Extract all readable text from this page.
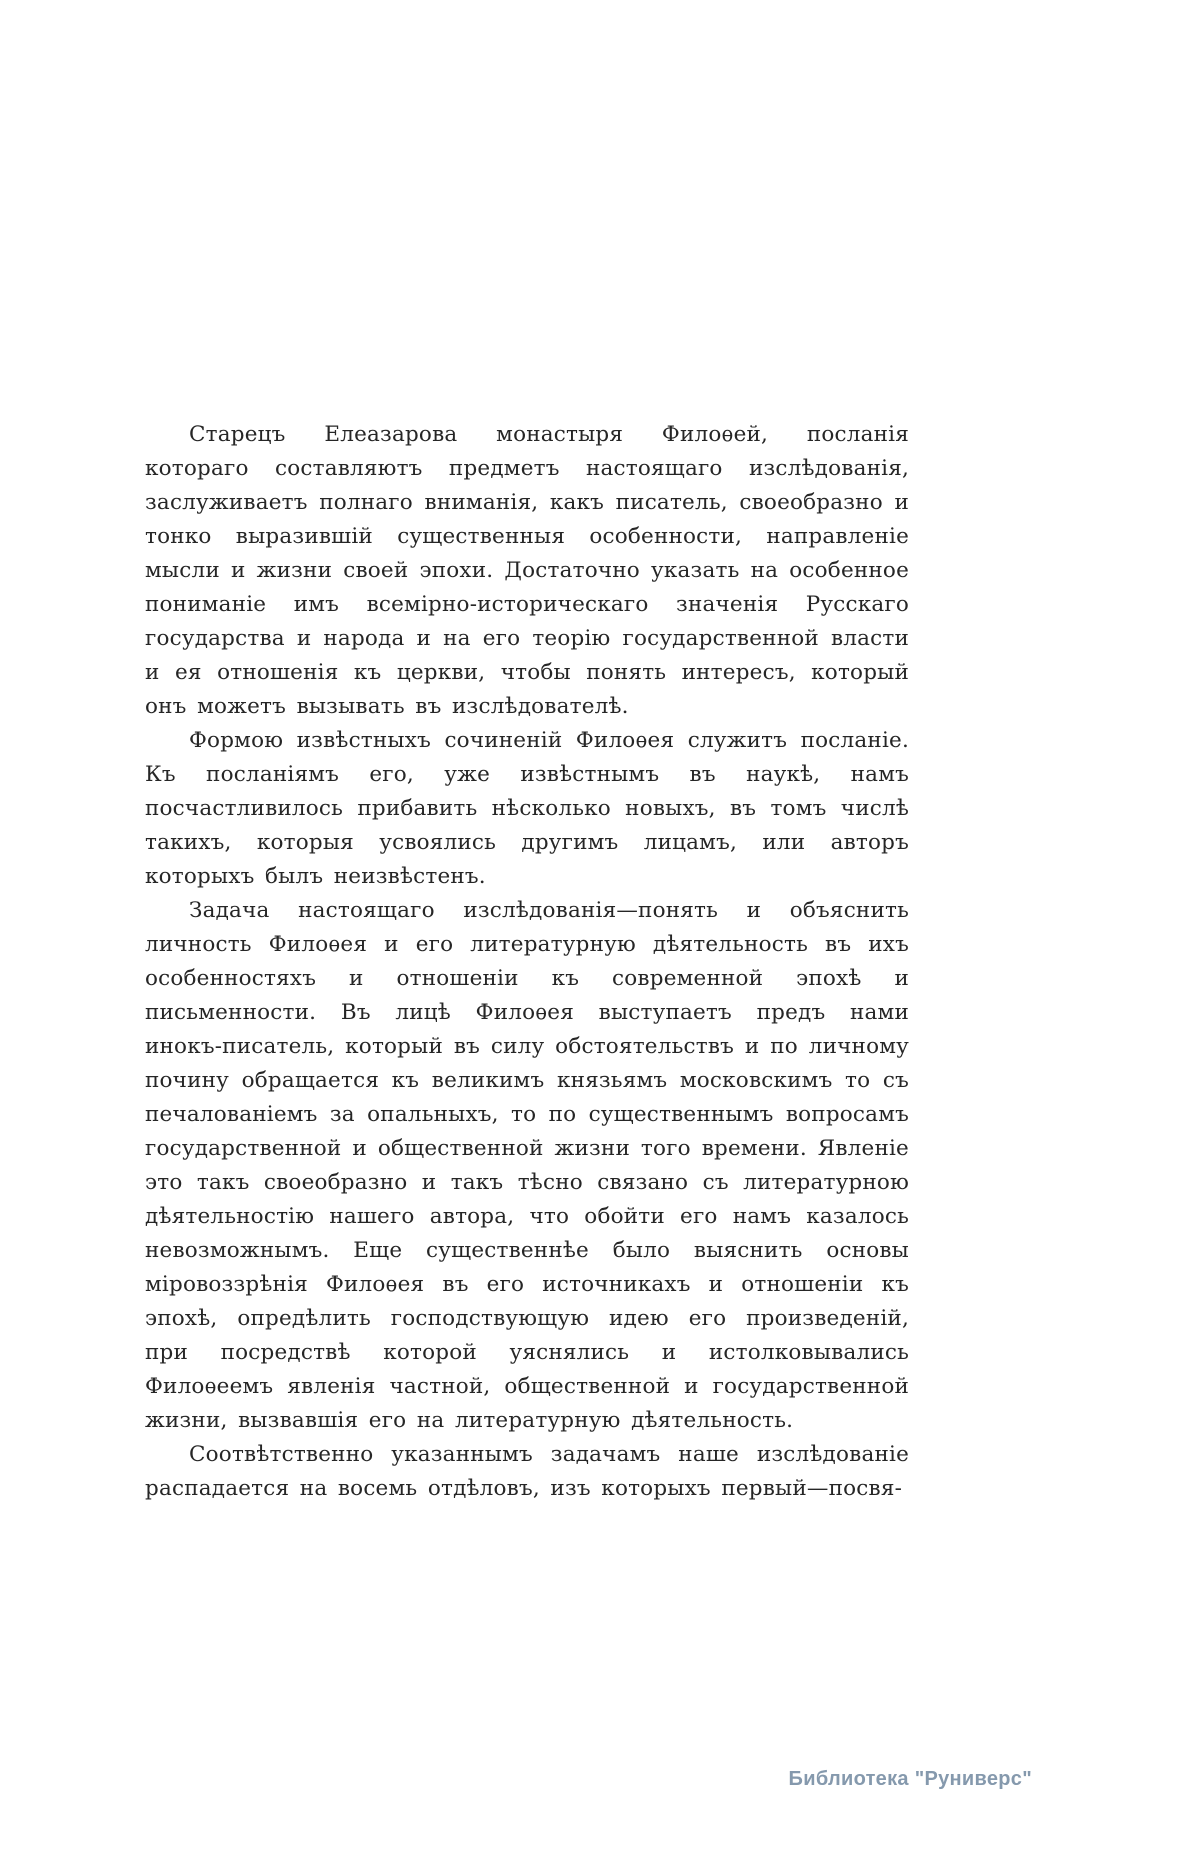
Старецъ Елеазарова монастыря Филоѳей, посланія котораго составляютъ предметъ настоящаго изслѣдованія, заслуживаетъ полнаго вниманія, какъ писатель, своеобразно и тонко выразившій существенныя особенности, направленіе мысли и жизни своей эпохи. Достаточно указать на особенное пониманіе имъ всемірно-историческаго значенія Русскаго государства и народа и на его теорію государственной власти и ея отношенія къ церкви, чтобы понять интересъ, который онъ можетъ вызывать въ изслѣдователѣ.

Формою извѣстныхъ сочиненій Филоѳея служитъ посланіе. Къ посланіямъ его, уже извѣстнымъ въ наукѣ, намъ посчастливилось прибавить нѣсколько новыхъ, въ томъ числѣ такихъ, которыя усвоялись другимъ лицамъ, или авторъ которыхъ былъ неизвѣстенъ.

Задача настоящаго изслѣдованія—понять и объяснить личность Филоѳея и его литературную дѣятельность въ ихъ особенностяхъ и отношеніи къ современной эпохѣ и письменности. Въ лицѣ Филоѳея выступаетъ предъ нами инокъ-писатель, который въ силу обстоятельствъ и по личному почину обращается къ великимъ князьямъ московскимъ то съ печалованіемъ за опальныхъ, то по существеннымъ вопросамъ государственной и общественной жизни того времени. Явленіе это такъ своеобразно и такъ тѣсно связано съ литературною дѣятельностію нашего автора, что обойти его намъ казалось невозможнымъ. Еще существеннѣе было выяснить основы міровоззрѣнія Филоѳея въ его источникахъ и отношеніи къ эпохѣ, опредѣлить господствующую идею его произведеній, при посредствѣ которой уяснялись и истолковывались Филоѳеемъ явленія частной, общественной и государственной жизни, вызвавшія его на литературную дѣятельность.

Соотвѣтственно указаннымъ задачамъ наше изслѣдованіе распадается на восемь отдѣловъ, изъ которыхъ первый—посвя-

Библиотека "Руниверс"
